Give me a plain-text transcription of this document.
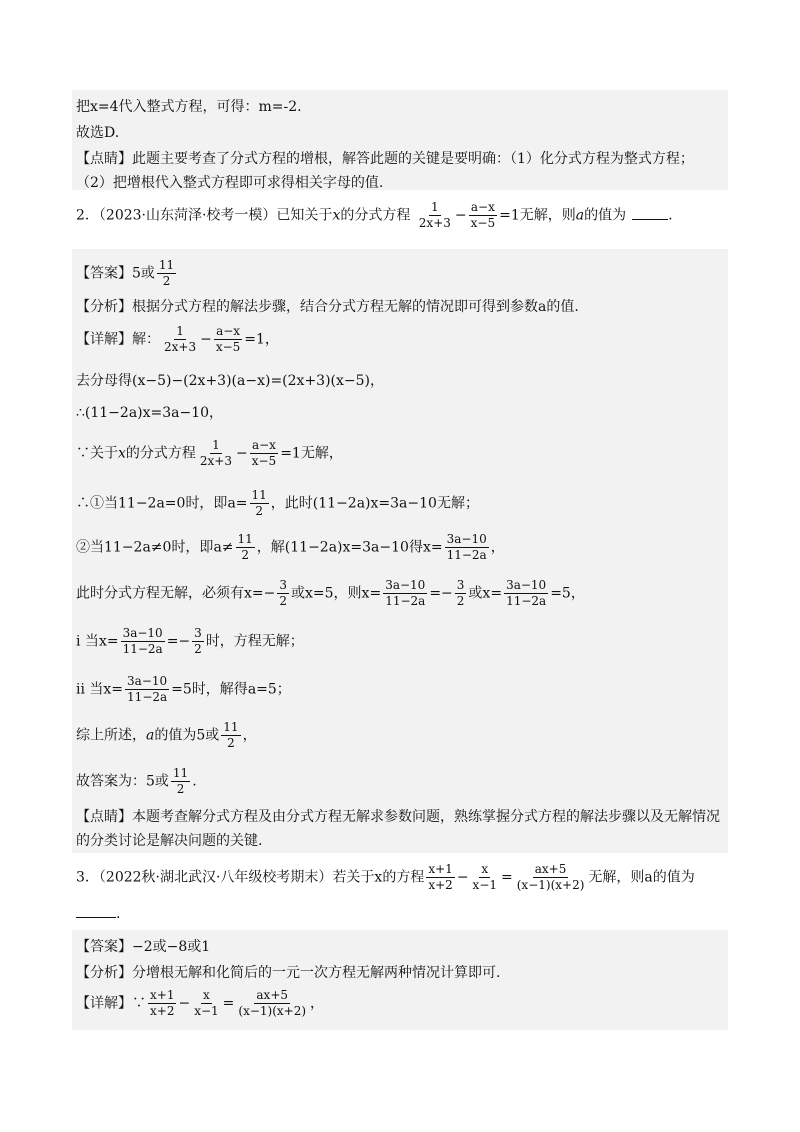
把x=4代入整式方程，可得：m=-2.
故选D.
【点睛】此题主要考查了分式方程的增根，解答此题的关键是要明确：（1）化分式方程为整式方程；
（2）把增根代入整式方程即可求得相关字母的值.
2．（2023·山东菏泽·校考一模）已知关于x的分式方程 $\frac{1}{2x+3} - \frac{a-x}{x-5} =1$无解，则a的值为	.
【答案】5或 $\frac{11}{2}$
【分析】根据分式方程的解法步骤，结合分式方程无解的情况即可得到参数a的值.
【详解】解： $\frac{1}{2x+3} - \frac{a-x}{x-5} =1$，
去分母得(x−5)−(2x+3)(a−x)=(2x+3)(x−5)，
∴(11−2a)x=3a−10，
∵关于x的分式方程 $\frac{1}{2x+3} - \frac{a-x}{x-5} =1$无解，
∴①当11−2a=0时，即$a= \frac{11}{2}$ ，此时(11−2a)x=3a−10无解；
②当11−2a≠0时，即$a\ne \frac{11}{2}$ ，解(11−2a)x=3a−10得$x= \frac{3a-10}{11-2a}$ ，
此时分式方程无解，必须有$x=- \frac{3}{2}$ 或x=5，则$x= \frac{3a-10}{11-2a} =- \frac{3}{2}$ 或$x= \frac{3a-10}{11-2a} =5$，
i 当$x= \frac{3a-10}{11-2a} =- \frac{3}{2}$ 时，方程无解；
ii 当$x= \frac{3a-10}{11-2a} =5$时，解得a=5；
综上所述，a的值为5或 $\frac{11}{2}$ ，
故答案为：5或 $\frac{11}{2}$ .
【点睛】本题考查解分式方程及由分式方程无解求参数问题，熟练掌握分式方程的解法步骤以及无解情况
的分类讨论是解决问题的关键.
3．（2022秋·湖北武汉·八年级校考期末）若关于x的方程 $\frac{x+1}{x+2} - \frac{x}{x-1} = \frac{ax+5}{(x-1)(x+2)}$ 无解，则a的值为
.
【答案】−2或−8或1
【分析】分增根无解和化简后的一元一次方程无解两种情况计算即可.
【详解】∵ $\frac{x+1}{x+2} - \frac{x}{x-1} = \frac{ax+5}{(x-1)(x+2)}$ ，
